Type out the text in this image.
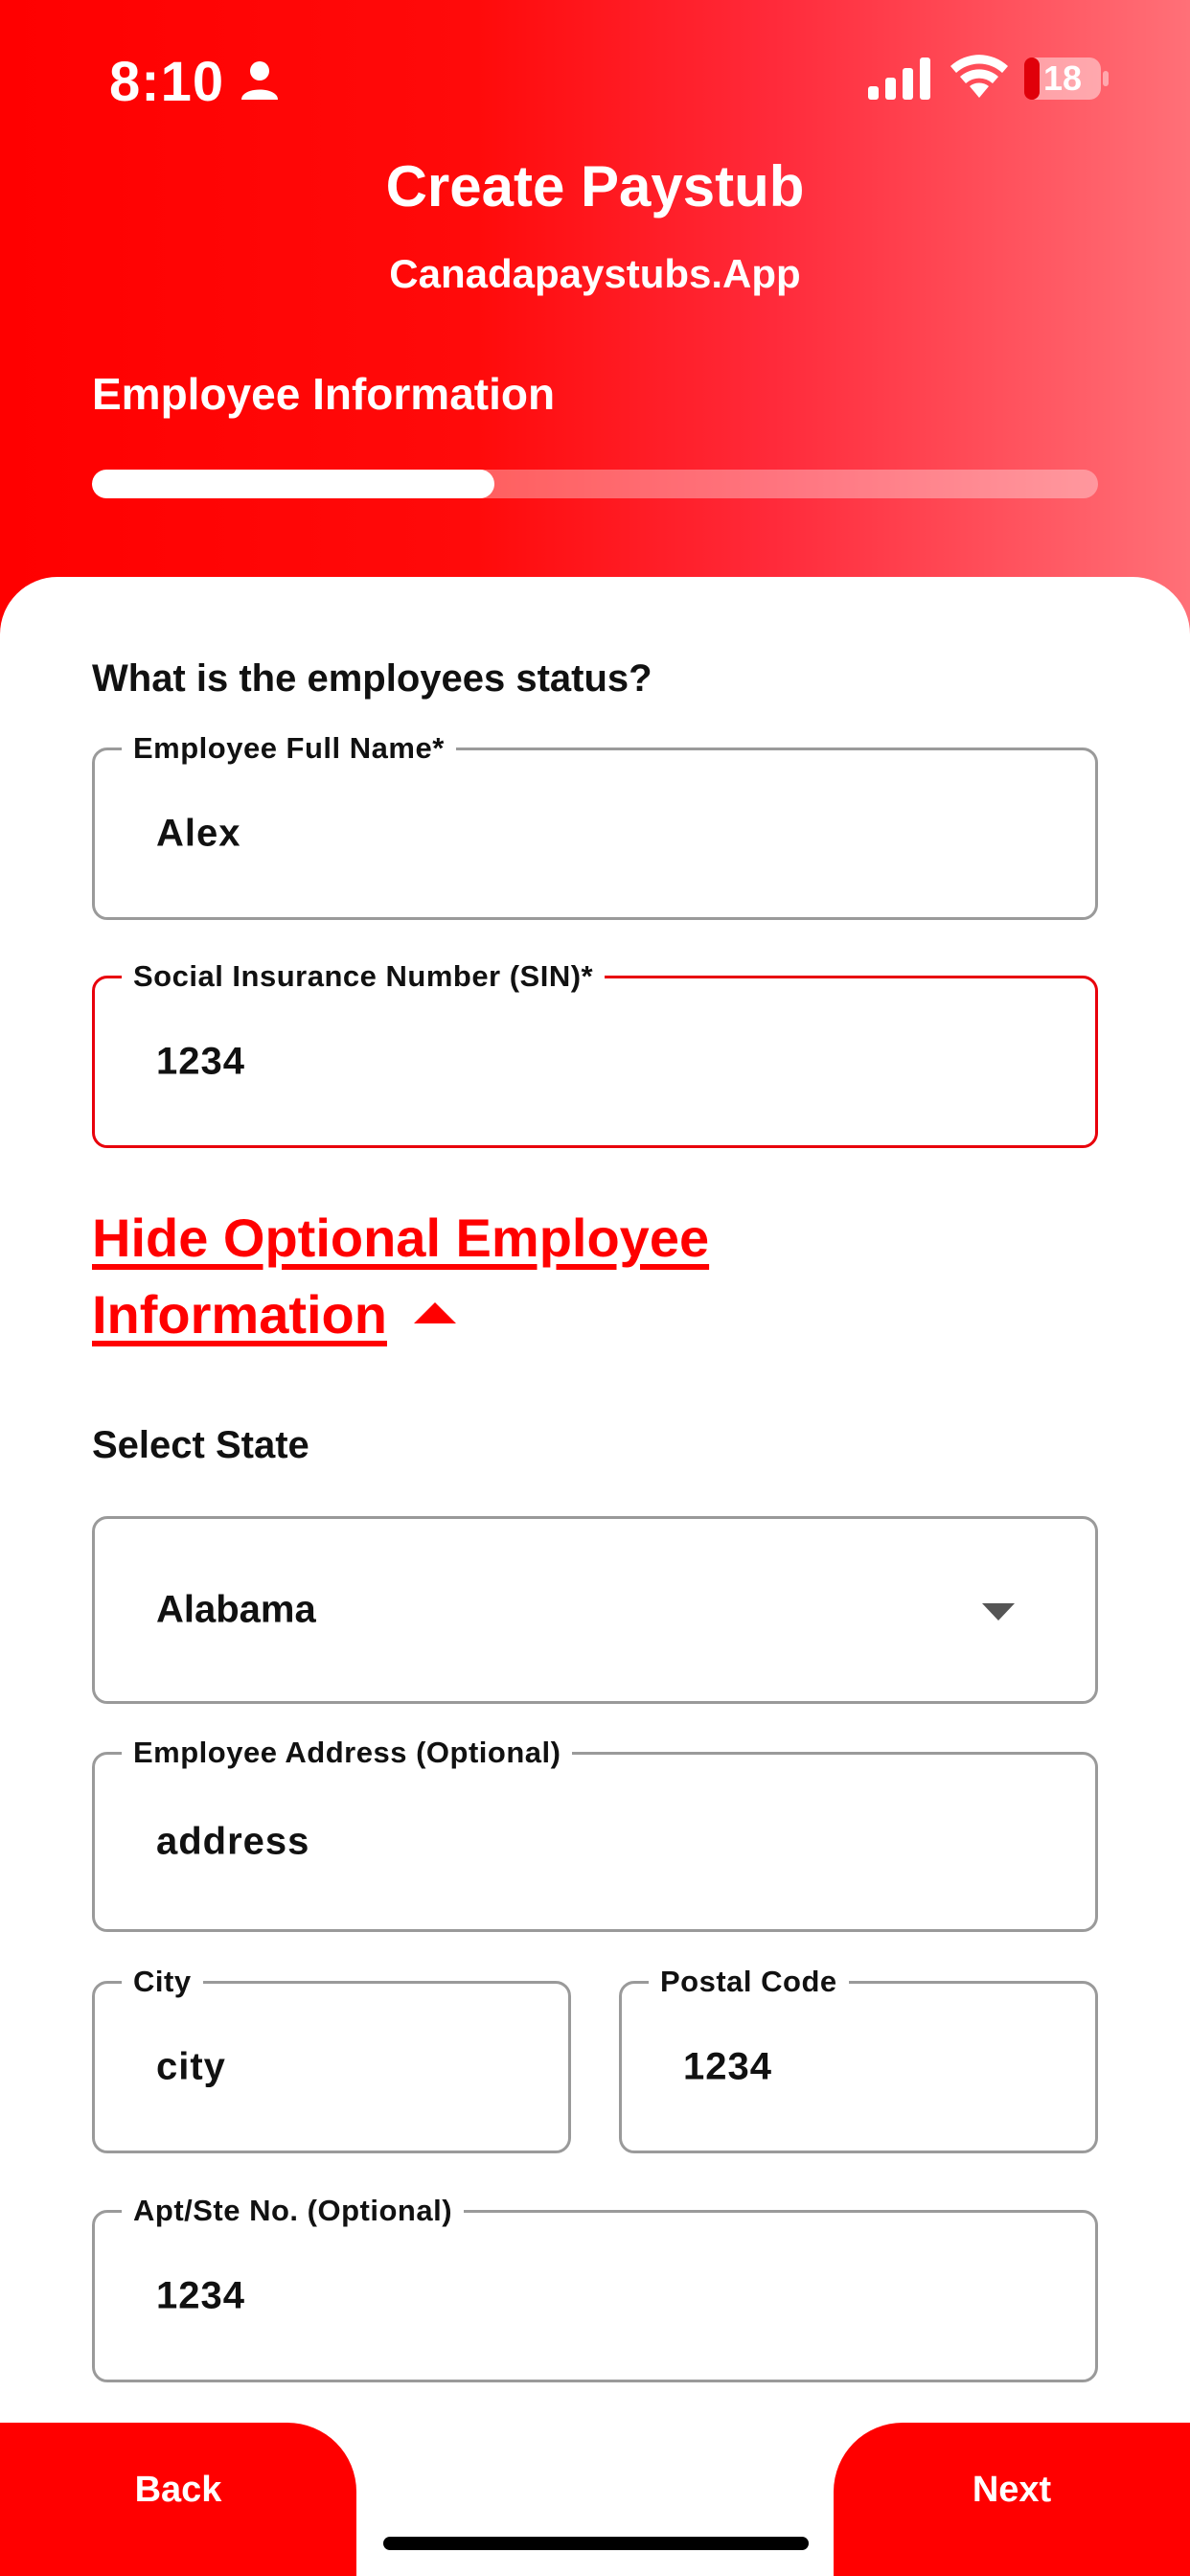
8:10	18
Create Paystub
Canadapaystubs.App
Employee Information
What is the employees status?
Employee Full Name*
Alex
Social Insurance Number (SIN)*
1234
Hide Optional Employee Information
Select State
Alabama
Employee Address (Optional)
address
City
city
Postal Code
1234
Apt/Ste No. (Optional)
1234
Back	Next
